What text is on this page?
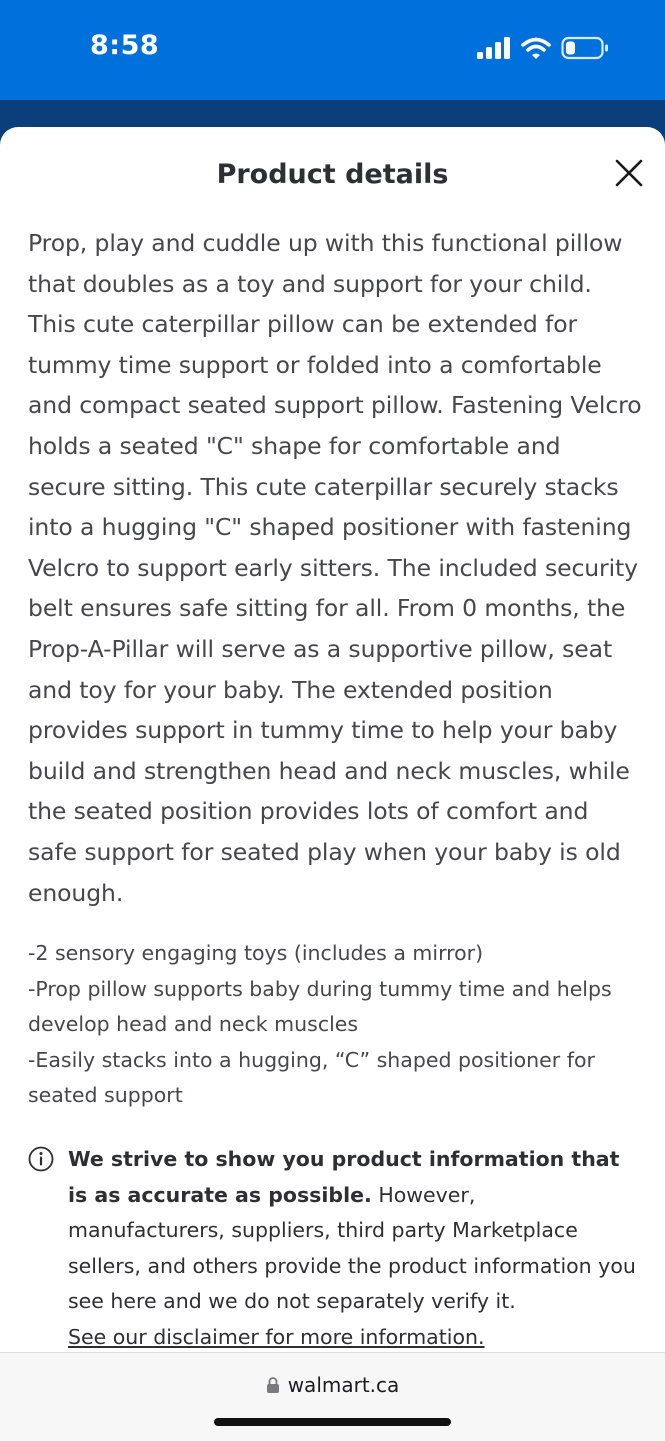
8:58
Product details

Prop, play and cuddle up with this functional pillow that doubles as a toy and support for your child. This cute caterpillar pillow can be extended for tummy time support or folded into a comfortable and compact seated support pillow. Fastening Velcro holds a seated "C" shape for comfortable and secure sitting. This cute caterpillar securely stacks into a hugging "C" shaped positioner with fastening Velcro to support early sitters. The included security belt ensures safe sitting for all. From 0 months, the Prop-A-Pillar will serve as a supportive pillow, seat and toy for your baby. The extended position provides support in tummy time to help your baby build and strengthen head and neck muscles, while the seated position provides lots of comfort and safe support for seated play when your baby is old enough.

-2 sensory engaging toys (includes a mirror)
-Prop pillow supports baby during tummy time and helps develop head and neck muscles
-Easily stacks into a hugging, “C” shaped positioner for seated support

We strive to show you product information that is as accurate as possible. However, manufacturers, suppliers, third party Marketplace sellers, and others provide the product information you see here and we do not separately verify it.
See our disclaimer for more information.

walmart.ca
